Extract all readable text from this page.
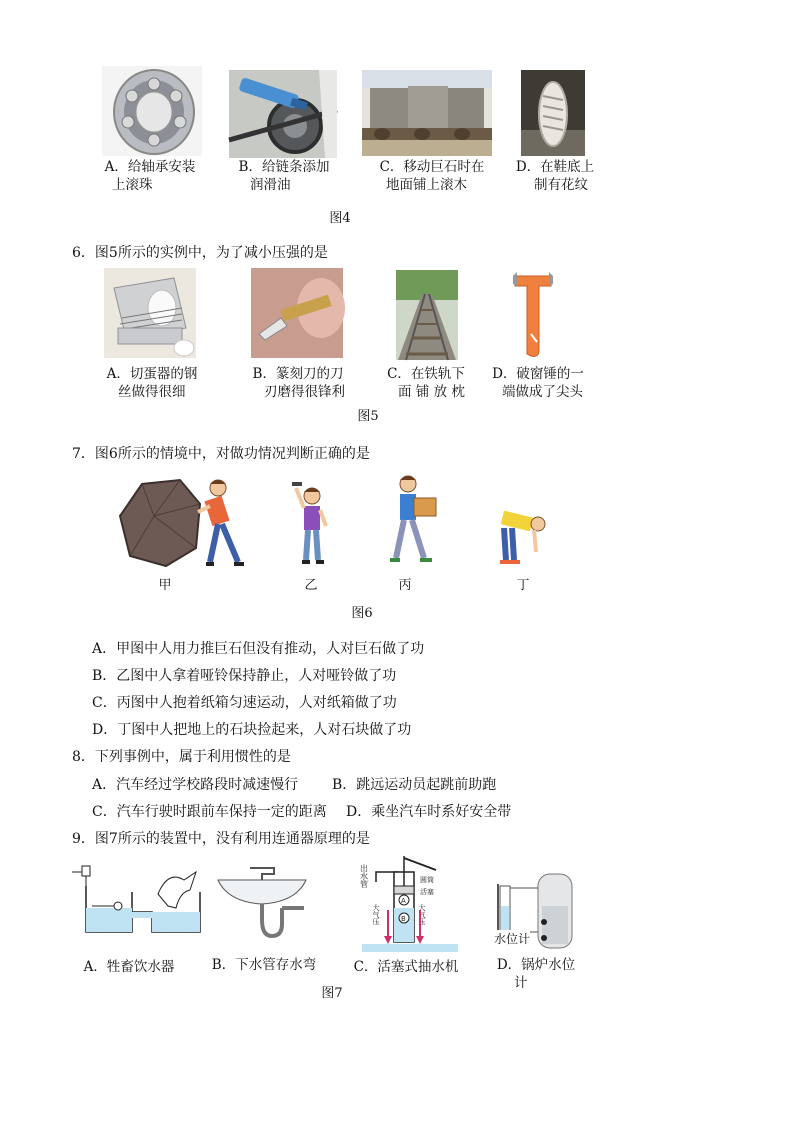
A．给轴承安装
上滚珠
B．给链条添加
润滑油
C．移动巨石时在
地面铺上滚木
D．在鞋底上
制有花纹
图4
6．图5所示的实例中，为了减小压强的是
A．切蛋器的钢
丝做得很细
B．篆刻刀的刀
刃磨得很锋利
C．在铁轨下
面 铺 放 枕
D．破窗锤的一
端做成了尖头
图5
7．图6所示的情境中，对做功情况判断正确的是
甲	乙	丙	丁
图6
A．甲图中人用力推巨石但没有推动，人对巨石做了功
B．乙图中人拿着哑铃保持静止，人对哑铃做了功
C．丙图中人抱着纸箱匀速运动，人对纸箱做了功
D．丁图中人把地上的石块捡起来，人对石块做了功
8．下列事例中，属于利用惯性的是
A．汽车经过学校路段时减速慢行 B．跳远运动员起跳前助跑
C．汽车行驶时跟前车保持一定的距离 D．乘坐汽车时系好安全带
9．图7所示的装置中，没有利用连通器原理的是
出水管
A
B
圆筒
活塞
大气压	大气压
水位计
A．牲畜饮水器	B．下水管存水弯	C．活塞式抽水机	D．锅炉水位
计
图7
